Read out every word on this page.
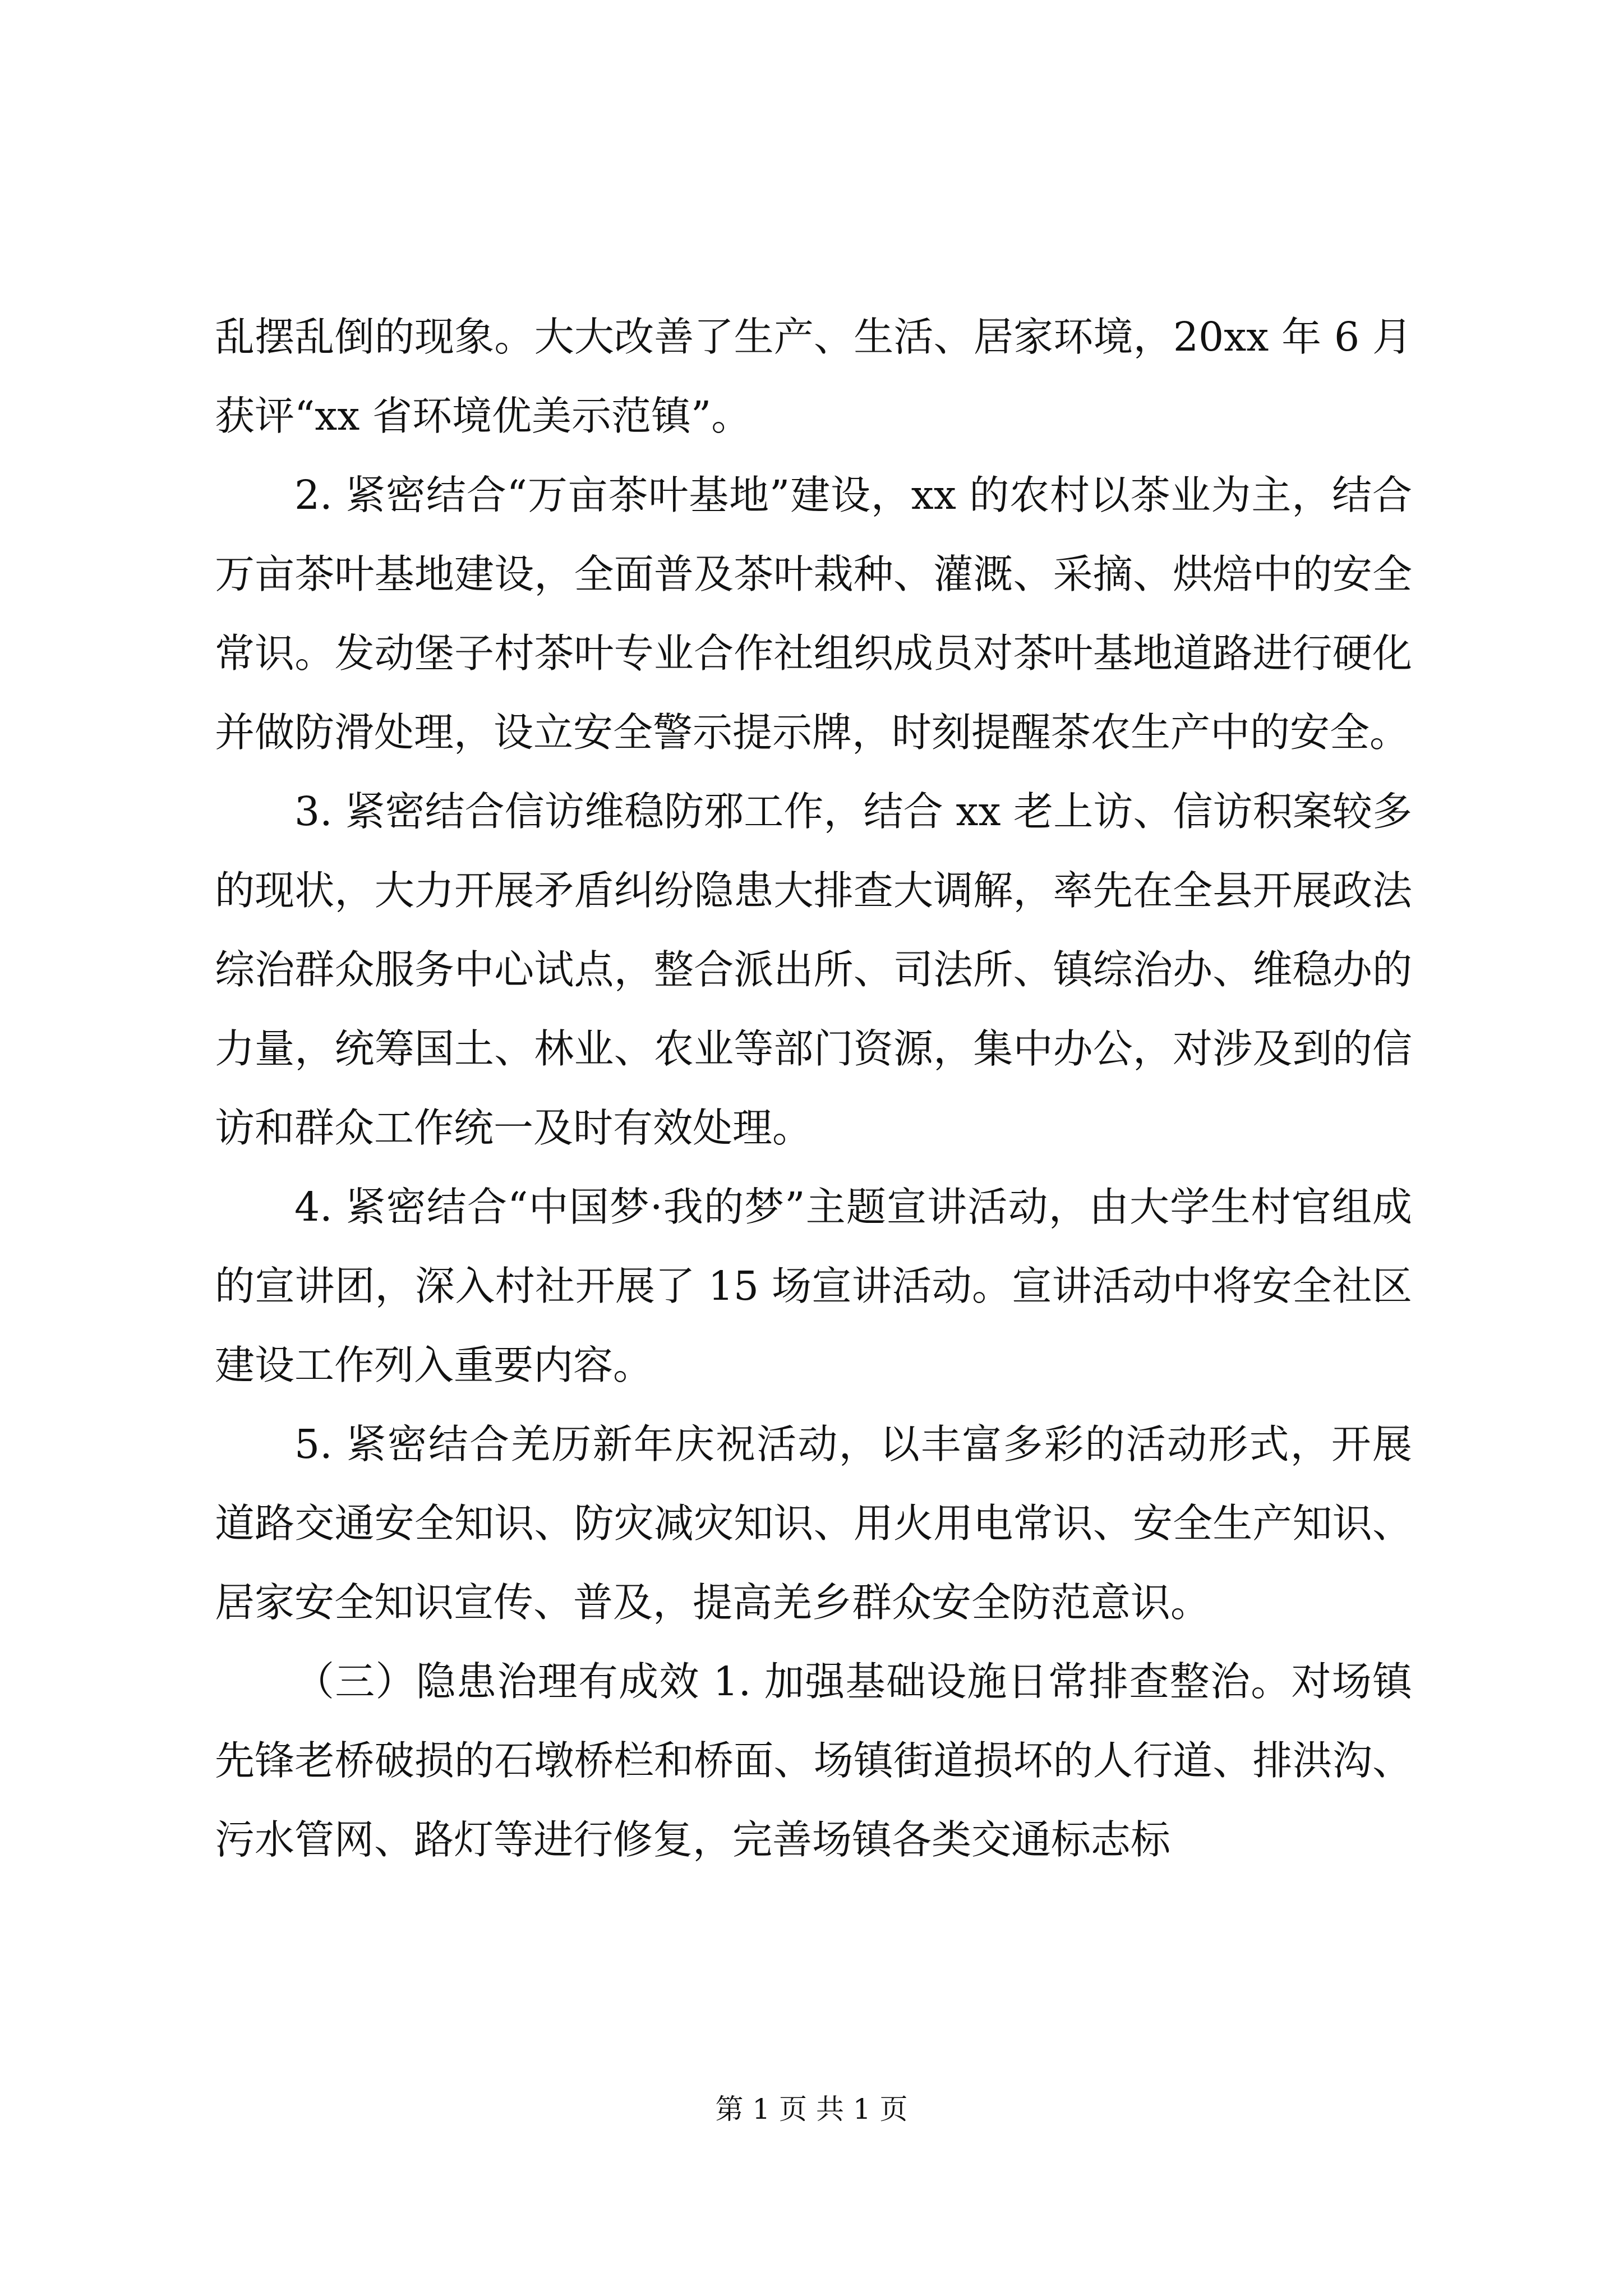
乱摆乱倒的现象。大大改善了生产、生活、居家环境，20xx 年 6 月获评“xx 省环境优美示范镇”。

2. 紧密结合“万亩茶叶基地”建设，xx 的农村以茶业为主，结合万亩茶叶基地建设，全面普及茶叶栽种、灌溉、采摘、烘焙中的安全常识。发动堡子村茶叶专业合作社组织成员对茶叶基地道路进行硬化并做防滑处理，设立安全警示提示牌，时刻提醒茶农生产中的安全。

3. 紧密结合信访维稳防邪工作，结合 xx 老上访、信访积案较多的现状，大力开展矛盾纠纷隐患大排查大调解，率先在全县开展政法综治群众服务中心试点，整合派出所、司法所、镇综治办、维稳办的力量，统筹国土、林业、农业等部门资源，集中办公，对涉及到的信访和群众工作统一及时有效处理。

4. 紧密结合“中国梦·我的梦”主题宣讲活动，由大学生村官组成的宣讲团，深入村社开展了 15 场宣讲活动。宣讲活动中将安全社区建设工作列入重要内容。

5. 紧密结合羌历新年庆祝活动，以丰富多彩的活动形式，开展道路交通安全知识、防灾减灾知识、用火用电常识、安全生产知识、居家安全知识宣传、普及，提高羌乡群众安全防范意识。

（三）隐患治理有成效 1. 加强基础设施日常排查整治。对场镇先锋老桥破损的石墩桥栏和桥面、场镇街道损坏的人行道、排洪沟、污水管网、路灯等进行修复，完善场镇各类交通标志标

第 1 页 共 1 页
